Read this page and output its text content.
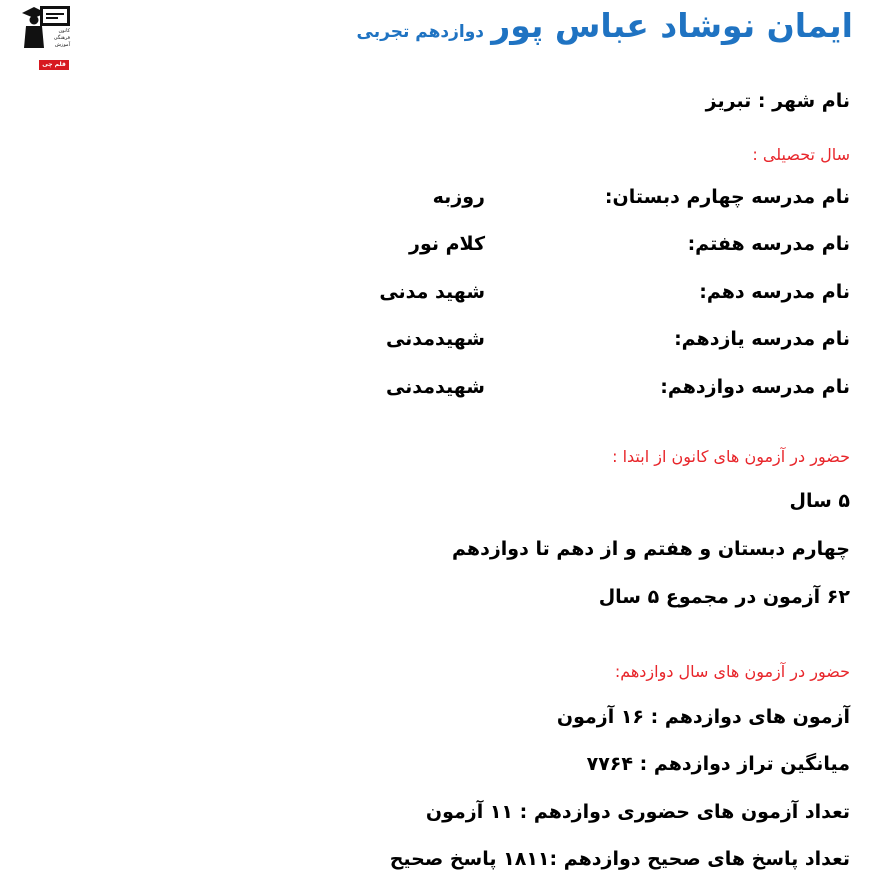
ایمان نوشاد عباس پور
دوازدهم تجربی
کانون
فرهنگی
آموزش
قلم چی

نام شهر : تبریز

سال تحصیلی :

نام مدرسه چهارم دبستان:
روزبه
نام مدرسه هفتم:
کلام نور
نام مدرسه دهم:
شهید مدنی
نام مدرسه یازدهم:
شهیدمدنی
نام مدرسه دوازدهم:
شهیدمدنی

حضور در آزمون های کانون از ابتدا :

۵ سال

چهارم دبستان و هفتم و از دهم تا دوازدهم

۶۲ آزمون در مجموع ۵ سال

حضور در آزمون های سال دوازدهم:

آزمون های دوازدهم : ۱۶ آزمون

میانگین تراز دوازدهم : ۷۷۶۴

تعداد آزمون های حضوری دوازدهم : ۱۱ آزمون

تعداد پاسخ های صحیح دوازدهم :۱۸۱۱ پاسخ صحیح
